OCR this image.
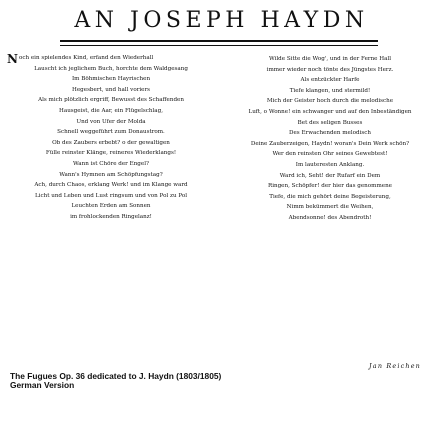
AN JOSEPH HAYDN
N och ein spielendes Kind, erfand den Wiederhall
Lauscht ich jeglichem Buch, horchte dem Waldgesang
Im Böhmischen Hayrischen
Hegesbert, und hall voriers
Als mich plötzlich ergriff, Bewusst des Schaffenden
Hausgeist, die Aar, ein Flügelschlag,
Und von Ufer der Molda
Schnell weggeführt zum Donaustrom.
Ob des Zaubers erbebt? o der gewaltigen
Fülle reinster Klänge, reineres Wiederklangs!
Wann ist Chöre der Engel?
Wann's Hymnen am Schöpfungstag?
Ach, durch Chaos, erklang Werk! und im Klange ward
Licht und Leben und Lust ringsum und von Pol zu Pol
Leuchten Erden am Sonnen
im frohlockenden Ringelanz!
Wilde Sitte die Wog', und in der Ferne Hall
immer wieder noch tönte des Jüngstes Herz.
Als entzückter Harfe
Tiefe klangen, und stermild!
Mich der Geister hoch durch die melodische
Luft, o Wonne! ein schwanger und auf den Inbeständigen
Bet des seligen Busses
Des Erwachenden melodisch
Deine Zauberzeigen, Haydn! woran's Dein Werk schön?
Wer den reinsten Ohr seines Gewebtest!
Im lauteresten Anklang.
Ward ich, Seht! der Rufarf ein Dem
Ringen, Schöpfer! der hier das genommene
Tiefe, die mich gehört deine Begeisterung,
Nimm bekümmert die Weihen,
Abendsonne! des Abendroth!
Jan Reichen
The Fugues Op. 36 dedicated to J. Haydn (1803/1805)
German Version
